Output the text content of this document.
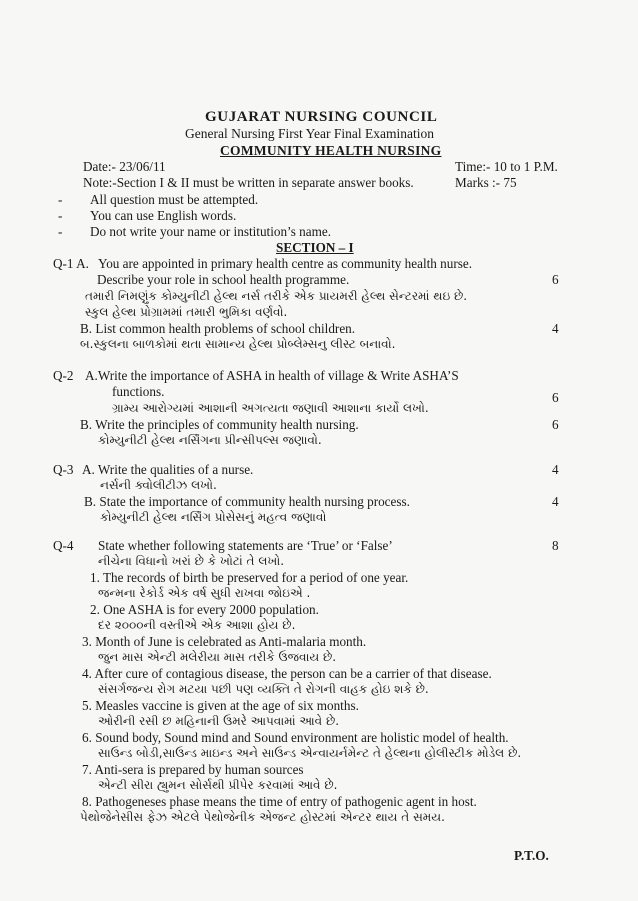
GUJARAT NURSING COUNCIL
General Nursing First Year Final Examination
COMMUNITY HEALTH NURSING
Date:- 23/06/11	Time:- 10 to 1 P.M.
Note:-Section I & II must be written in separate answer books.	Marks :- 75
- All question must be attempted.
- You can use English words.
- Do not write your name or institution’s name.
SECTION – I
Q-1 A. You are appointed in primary health centre as community health nurse.
Describe your role in school health programme.	6
તમારી નિમણુંક કોમ્યુનીટી હેલ્થ નર્સ તરીકે એક પ્રાયમરી હેલ્થ સેન્ટરમાં થઇ છે.
સ્કુલ હેલ્થ પ્રોગ્રામમાં તમારી ભુમિકા વર્ણવો.
B. List common health problems of school children.	4
બ.સ્કુલના બાળકોમાં થતા સામાન્ય હેલ્થ પ્રોબ્લેમ્સનુ લીસ્ટ બનાવો.
Q-2 A.Write the importance of ASHA in health of village & Write ASHA’S
functions.
ગ્રામ્ય આરોગ્યમાં આશાની અગત્યતા જણાવી આશાના કાર્યો લખો.
6
B. Write the principles of community health nursing.	6
કોમ્યુનીટી હેલ્થ નર્સિંગના પ્રીન્સીપલ્સ જણાવો.
Q-3 A. Write the qualities of a nurse.	4
નર્સની ક્વોલીટીઝ લખો.
B. State the importance of community health nursing process.	4
કોમ્યુનીટી હેલ્થ નર્સિંગ પ્રોસેસનું મહત્વ જણાવો
Q-4 State whether following statements are ‘True’ or ‘False’	8
નીચેના વિધાનો ખરાં છે કે ખોટાં તે લખો.
1. The records of birth be preserved for a period of one year.
જન્મના રેકોર્ડ એક વર્ષ સુધી રાખવા જોઇએ .
2. One ASHA is for every 2000 population.
દર ૨૦૦૦ની વસ્તીએ એક આશા હોય છે.
3. Month of June is celebrated as Anti-malaria month.
જુન માસ એન્ટી મલેરીયા માસ તરીકે ઉજવાય છે.
4. After cure of contagious disease, the person can be a carrier of that disease.
સંસર્ગજન્ય રોગ મટયા પછી પણ વ્યક્તિ તે રોગની વાહક હોઇ શકે છે.
5. Measles vaccine is given at the age of six months.
ઓરીની રસી છ મહિનાની ઉમરે આપવામાં આવે છે.
6. Sound body, Sound mind and Sound environment are holistic model of health.
સાઉન્ડ બોડી,સાઉન્ડ માઇન્ડ અને સાઉન્ડ એન્વાયર્નમેન્ટ તે હેલ્થના હોલીસ્ટીક મોડેલ છે.
7. Anti-sera is prepared by human sources
એન્ટી સીરા હ્યુમન સોર્સથી પ્રીપેર કરવામાં આવે છે.
8. Pathogeneses phase means the time of entry of pathogenic agent in host.
પેથોજેનેસીસ ફેઝ એટલે પેથોજેનીક એજન્ટ હોસ્ટમાં એન્ટર થાય તે સમય.
P.T.O.
